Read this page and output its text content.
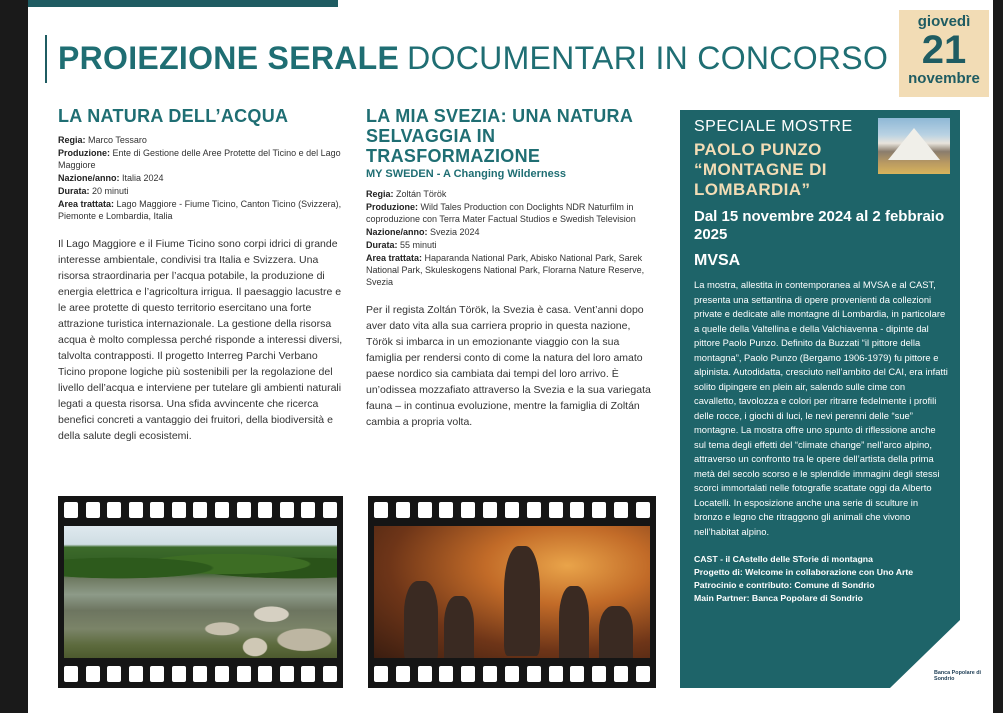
PROIEZIONE SERALE DOCUMENTARI IN CONCORSO
giovedì
21
novembre
LA NATURA DELL’ACQUA
Regia: Marco Tessaro
Produzione: Ente di Gestione delle Aree Protette del Ticino e del Lago Maggiore
Nazione/anno: Italia 2024
Durata: 20 minuti
Area trattata: Lago Maggiore - Fiume Ticino, Canton Ticino (Svizzera), Piemonte e Lombardia, Italia

Il Lago Maggiore e il Fiume Ticino sono corpi idrici di grande interesse ambientale, condivisi tra Italia e Svizzera. Una risorsa straordinaria per l’acqua potabile, la produzione di energia elettrica e l’agricoltura irrigua. Il paesaggio lacustre e le aree protette di questo territorio esercitano una forte attrazione turistica internazionale. La gestione della risorsa acqua è molto complessa perché risponde a interessi diversi, talvolta contrapposti. Il progetto Interreg Parchi Verbano Ticino propone logiche più sostenibili per la regolazione del livello dell’acqua e interviene per tutelare gli ambienti naturali legati a questa risorsa. Una sfida avvincente che ricerca benefici concreti a vantaggio dei fruitori, della biodiversità e della salute degli ecosistemi.

LA MIA SVEZIA: UNA NATURA SELVAGGIA IN TRASFORMAZIONE
MY SWEDEN - A Changing Wilderness
Regia: Zoltán Török
Produzione: Wild Tales Production con Doclights NDR Naturfilm in coproduzione con Terra Mater Factual Studios e Swedish Television
Nazione/anno: Svezia 2024
Durata: 55 minuti
Area trattata: Haparanda National Park, Abisko National Park, Sarek National Park, Skuleskogens National Park, Florarna Nature Reserve, Svezia

Per il regista Zoltán Török, la Svezia è casa. Vent’anni dopo aver dato vita alla sua carriera proprio in questa nazione, Török si imbarca in un emozionante viaggio con la sua famiglia per rendersi conto di come la natura del loro amato paese nordico sia cambiata dai tempi del loro arrivo. È un’odissea mozzafiato attraverso la Svezia e la sua variegata fauna – in continua evoluzione, mentre la famiglia di Zoltán cambia a propria volta.

SPECIALE MOSTRE
PAOLO PUNZO “MONTAGNE DI LOMBARDIA”
Dal 15 novembre 2024 al 2 febbraio 2025
MVSA

La mostra, allestita in contemporanea al MVSA e al CAST, presenta una settantina di opere provenienti da collezioni private e dedicate alle montagne di Lombardia, in particolare a quelle della Valtellina e della Valchiavenna - dipinte dal pittore Paolo Punzo. Definito da Buzzati “il pittore della montagna”, Paolo Punzo (Bergamo 1906-1979) fu pittore e alpinista. Autodidatta, cresciuto nell’ambito del CAI, era infatti solito dipingere en plein air, salendo sulle cime con cavalletto, tavolozza e colori per ritrarre fedelmente i profili delle rocce, i giochi di luci, le nevi perenni delle “sue” montagne. La mostra offre uno spunto di riflessione anche sul tema degli effetti del “climate change” nell’arco alpino, attraverso un confronto tra le opere dell’artista della prima metà del secolo scorso e le splendide immagini degli stessi scorci immortalati nelle fotografie scattate oggi da Alberto Locatelli. In esposizione anche una serie di sculture in bronzo e legno che ritraggono gli animali che vivono nell’habitat alpino.

CAST - il CAstello delle STorie di montagna
Progetto di: Welcome in collaborazione con Uno Arte
Patrocinio e contributo: Comune di Sondrio
Main Partner: Banca Popolare di Sondrio
Banca Popolare di Sondrio
